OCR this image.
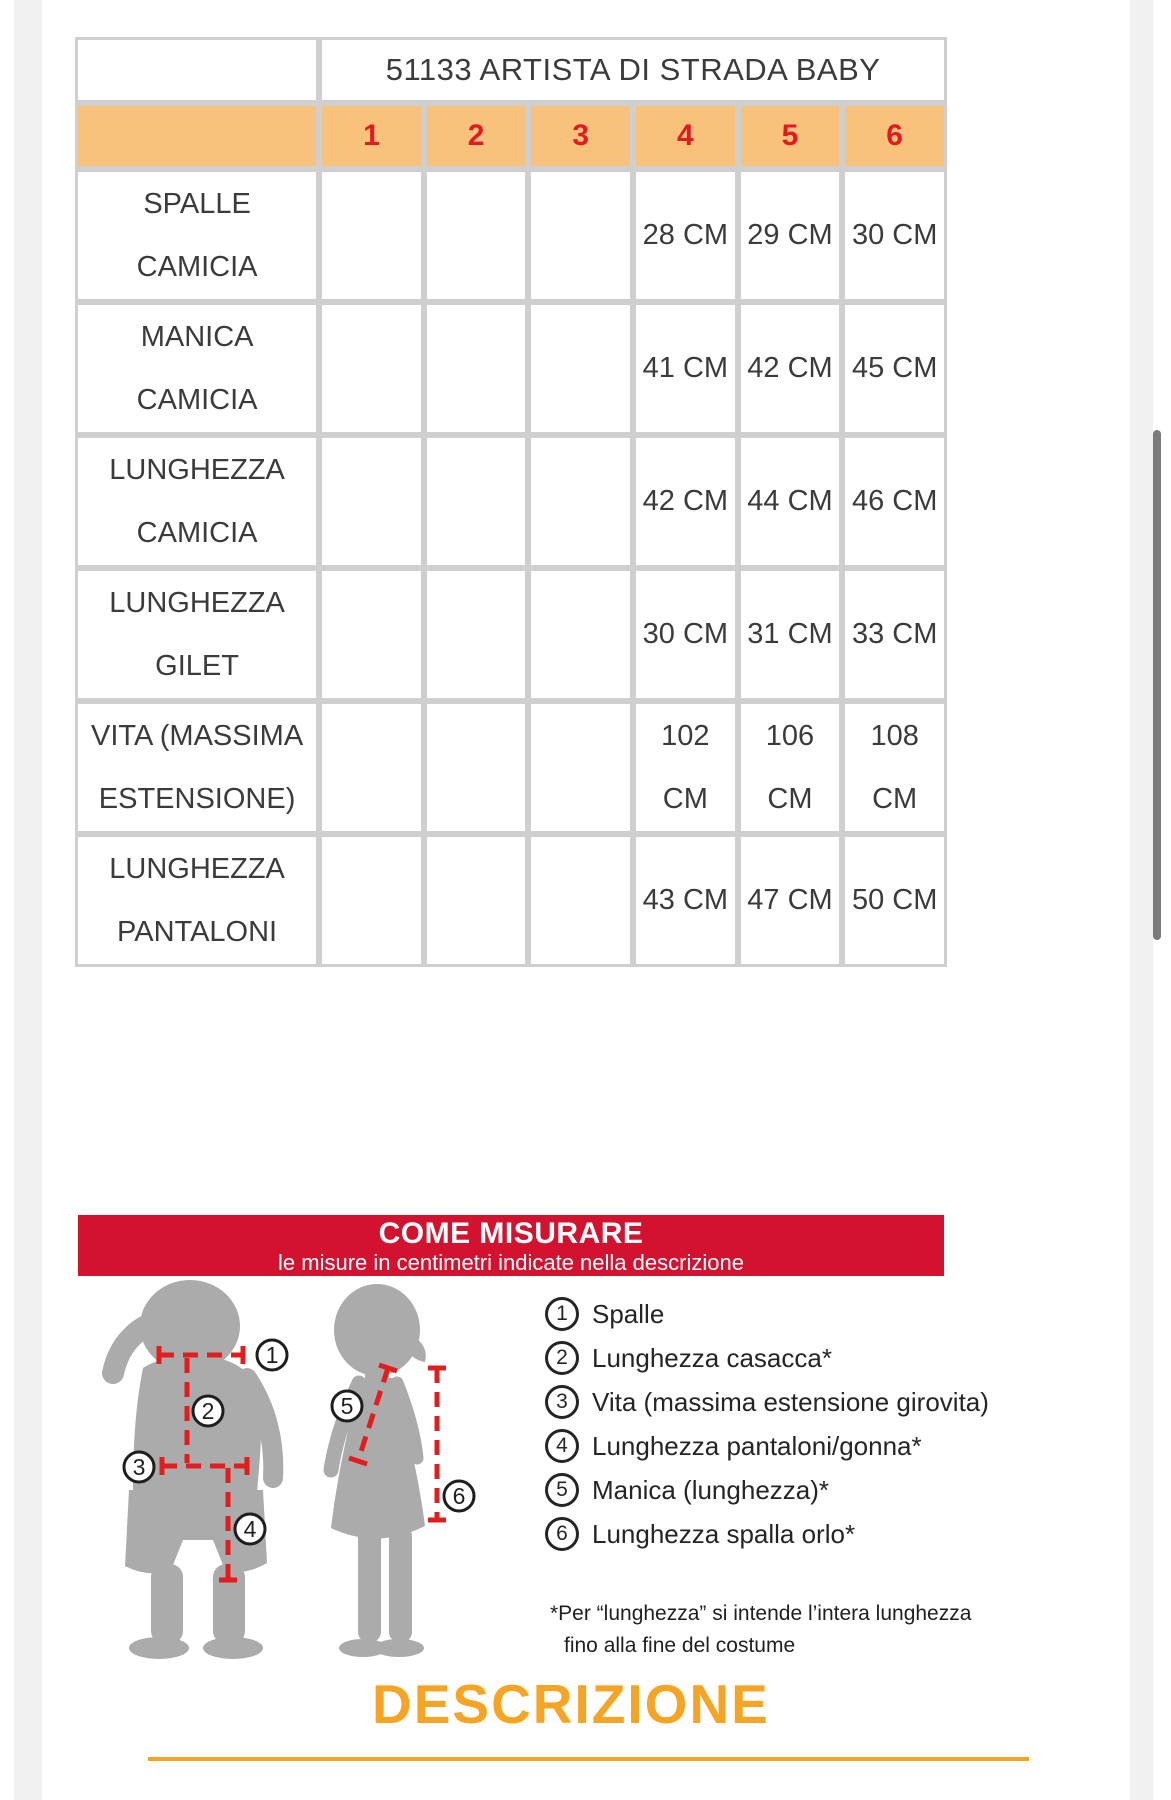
	51133 ARTISTA DI STRADA BABY					
	1	2	3	4	5	6

SPALLE
CAMICIA				28 CM	29 CM	30 CM

MANICA
CAMICIA				41 CM	42 CM	45 CM

LUNGHEZZA
CAMICIA				42 CM	44 CM	46 CM

LUNGHEZZA
GILET				30 CM	31 CM	33 CM

VITA (MASSIMA
ESTENSIONE)				102 CM	106 CM	108 CM

LUNGHEZZA
PANTALONI				43 CM	47 CM	50 CM
COME MISURARE
le misure in centimetri indicate nella descrizione
1
2
3
4
5
6
1 Spalle
2 Lunghezza casacca*
3 Vita (massima estensione girovita)
4 Lunghezza pantaloni/gonna*
5 Manica (lunghezza)*
6 Lunghezza spalla orlo*
*Per “lunghezza” si intende l’intera lunghezza
fino alla fine del costume
DESCRIZIONE
